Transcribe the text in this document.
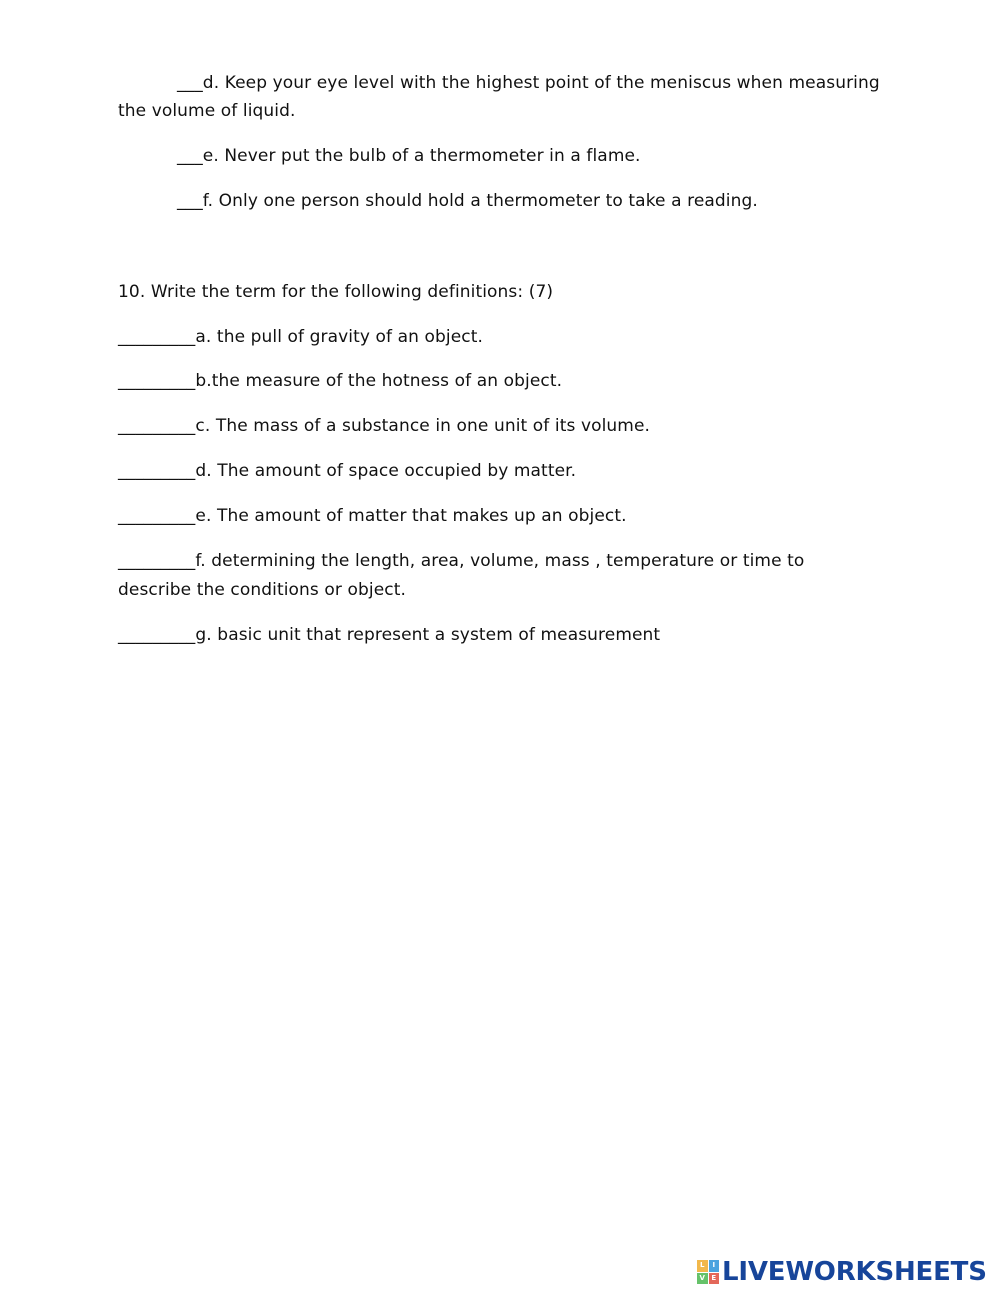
___d. Keep your eye level with the highest point of the meniscus when measuring
the volume of liquid.
___e. Never put the bulb of a thermometer in a flame.
___f. Only one person should hold a thermometer to take a reading.
10. Write the term for the following definitions: (7)
_________a. the pull of gravity of an object.
_________b.the measure of the hotness of an object.
_________c. The mass of a substance in one unit of its volume.
_________d. The amount of space occupied by matter.
_________e. The amount of matter that makes up an object.
_________f. determining the length, area, volume, mass , temperature or time to
describe the conditions or object.
_________g. basic unit that represent a system of measurement
L	I
V E LIVEWORKSHEETS
